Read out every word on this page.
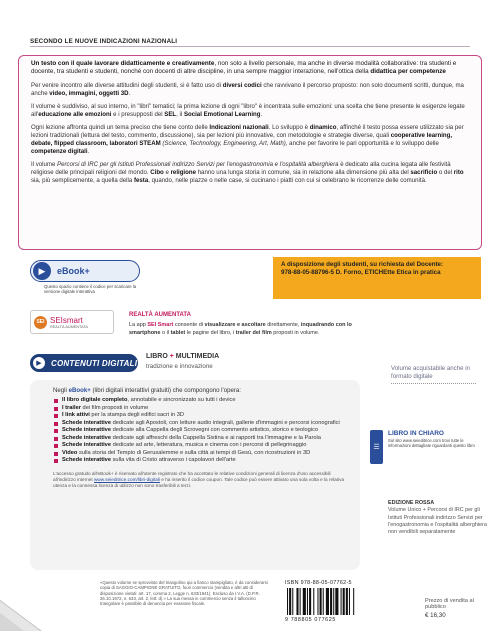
SECONDO LE NUOVE INDICAZIONI NAZIONALI

Un testo con il quale lavorare didatticamente e creativamente, non solo a livello personale, ma anche in diverse modalità collaborative: tra studenti e docente, tra studenti e studenti, nonché con docenti di altre discipline, in una sempre maggior interazione, nell'ottica della didattica per competenze

Per venire incontro alle diverse attitudini degli studenti, si è fatto uso di diversi codici che ravvivano il percorso proposto: non solo documenti scritti, dunque, ma anche video, immagini, oggetti 3D.

Il volume è suddiviso, al suo interno, in "libri" tematici; la prima lezione di ogni "libro" è incentrata sulle emozioni: una scelta che tiene presente le esigenze legate all'educazione alle emozioni e i presupposti del SEL, il Social Emotional Learning.

Ogni lezione affronta quindi un tema preciso che tiene conto delle Indicazioni nazionali. Lo sviluppo è dinamico, affinché il testo possa essere utilizzato sia per lezioni tradizionali (lettura del testo, commento, discussione), sia per lezioni più innovative, con metodologie e strategie diverse, quali cooperative learning, debate, flipped classroom, laboratori STEAM (Science, Technology, Engineering, Art, Math), anche per favorire le pari opportunità e lo sviluppo delle competenze digitali.

Il volume Percorsi di IRC per gli Istituti Professionali indirizzo Servizi per l'enogastronomia e l'ospitalità alberghiera è dedicato alla cucina legata alle festività religiose delle principali religioni del mondo. Cibo e religione hanno una lunga storia in comune, sia in relazione alla dimensione più alta del sacrificio o del rito sia, più semplicemente, a quella della festa, quando, nelle piazze o nelle case, si cucinano i piatti con cui si celebrano le ricorrenze delle comunità.

▶	eBook+
Questo spazio contiene il codice per scaricare la versione digitale interattiva
A disposizione degli studenti, su richiesta del Docente:
978-88-05-88796-5 D. Forno, ETICHEtte Etica in pratica
SEI SEIsmart
REALTÀ AUMENTATA
REALTÀ AUMENTATA
La app SEI Smart consente di visualizzare e ascoltare direttamente, inquadrando con lo smartphone o il tablet le pagine del libro, i trailer dei film proposti in volume.
▶	CONTENUTI DIGITALI
LIBRO + MULTIMEDIA
tradizione e innovazione	Volume acquistabile anche in formato digitale
Negli eBook+ (libri digitali interattivi gratuiti) che compongono l'opera:
Il libro digitale completo, annotabile e sincronizzato su tutti i device
I trailer dei film proposti in volume
I link attivi per la stampa degli edifici sacri in 3D
Schede interattive dedicate agli Apostoli, con letture audio integrali, gallerie d'immagini e percorsi iconografici
Schede interattive dedicate alla Cappella degli Scrovegni con commento artistico, storico e teologico
Schede interattive dedicate agli affreschi della Cappella Sistina e ai rapporti tra l'immagine e la Parola
Schede interattive dedicate ad arte, letteratura, musica e cinema con i percorsi di pellegrinaggio
Video sulla storia del Tempio di Gerusalemme e sulla città ai tempi di Gesù, con ricostruzioni in 3D
Schede interattive sulla vita di Cristo attraverso i capolavori dell'arte
L'accesso gratuito all'eBook+ è riservato all'utente registrato che ha accettato le relative condizioni generali di licenza d'uso accessibili all'indirizzo internet www.seieditrice.com/libri-digitali e ha inserito il codice coupon. Tale codice può essere attivato una sola volta e la relativa utenza e la connessa licenza di utilizzo non sono trasferibili a terzi.
☰
LIBRO IN CHIARO
Sul sito www.seieditrice.com trovi tutte le informazioni dettagliate riguardanti questo libro
EDIZIONE ROSSA
Volume Unico + Percorsi di IRC per gli Istituti Professionali indirizzo Servizi per l'enogastronomia e l'ospitalità alberghiera non vendibili separatamente
«Questo volume se sprovvisto del triangolino qui a fianco stampigliato, è da considerarsi copia di SAGGIO-CAMPIONE GRATUITO, fuori commercio (vendita e altri atti di disposizione vietati: art. 17, comma 2, Legge n. 633/1941). Escluso da I.V.A. (D.P.R. 26.10.1972, n. 633, art. 2, lett. d).» La sua messa in commercio senza il talloncino triangolare è passibile di denuncia per evasione fiscale.
ISBN 978-88-05-07762-5
9 788805 077625
Prezzo di vendita al pubblico
€ 16,30
